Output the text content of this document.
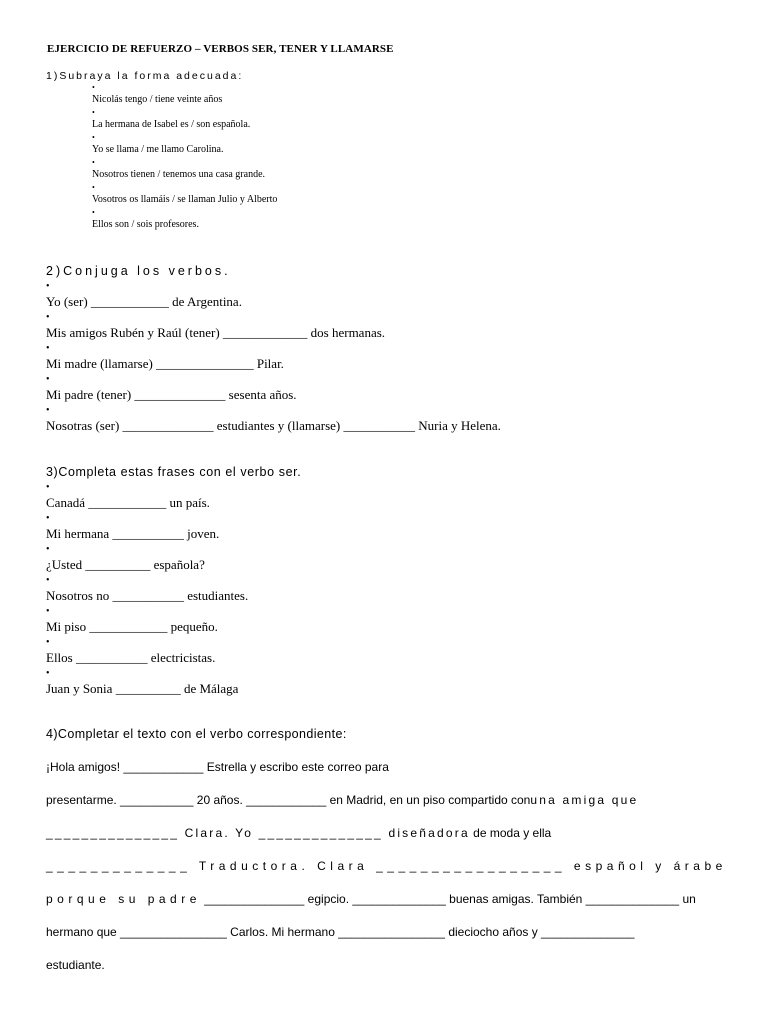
EJERCICIO DE REFUERZO – VERBOS SER, TENER Y LLAMARSE
1)Subraya la forma adecuada:
•
Nicolás tengo / tiene veinte años
•
La hermana de Isabel es / son española.
•
Yo se llama / me llamo Carolina.
•
Nosotros tienen / tenemos una casa grande.
•
Vosotros os llamáis / se llaman Julio y Alberto
•
Ellos son / sois profesores.
2)Conjuga los verbos.
•
Yo (ser) ____________ de Argentina.
•
Mis amigos Rubén y Raúl (tener) _____________ dos hermanas.
•
Mi madre (llamarse) _______________ Pilar.
•
Mi padre (tener) ______________ sesenta años.
•
Nosotras (ser) ______________ estudiantes y (llamarse) ___________ Nuria y Helena.
3)Completa estas frases con el verbo ser.
•
Canadá ____________ un país.
•
Mi hermana ___________ joven.
•
¿Usted __________ española?
•
Nosotros no ___________ estudiantes.
•
Mi piso ____________ pequeño.
•
Ellos ___________ electricistas.
•
Juan y Sonia __________ de Málaga
4)Completar el texto con el verbo correspondiente:
¡Hola amigos! ____________ Estrella y escribo este correo para
presentarme. ___________ 20 años. ____________ en Madrid, en un piso compartido conuna amiga que
_______________ Clara. Yo ______________ diseñadora de moda y ella
_____________ Traductora. Clara _________________ español y árabe
porque su padre _______________ egipcio. ______________ buenas amigas. También ______________ un
hermano que ________________ Carlos. Mi hermano ________________ dieciocho años y ______________
estudiante.
